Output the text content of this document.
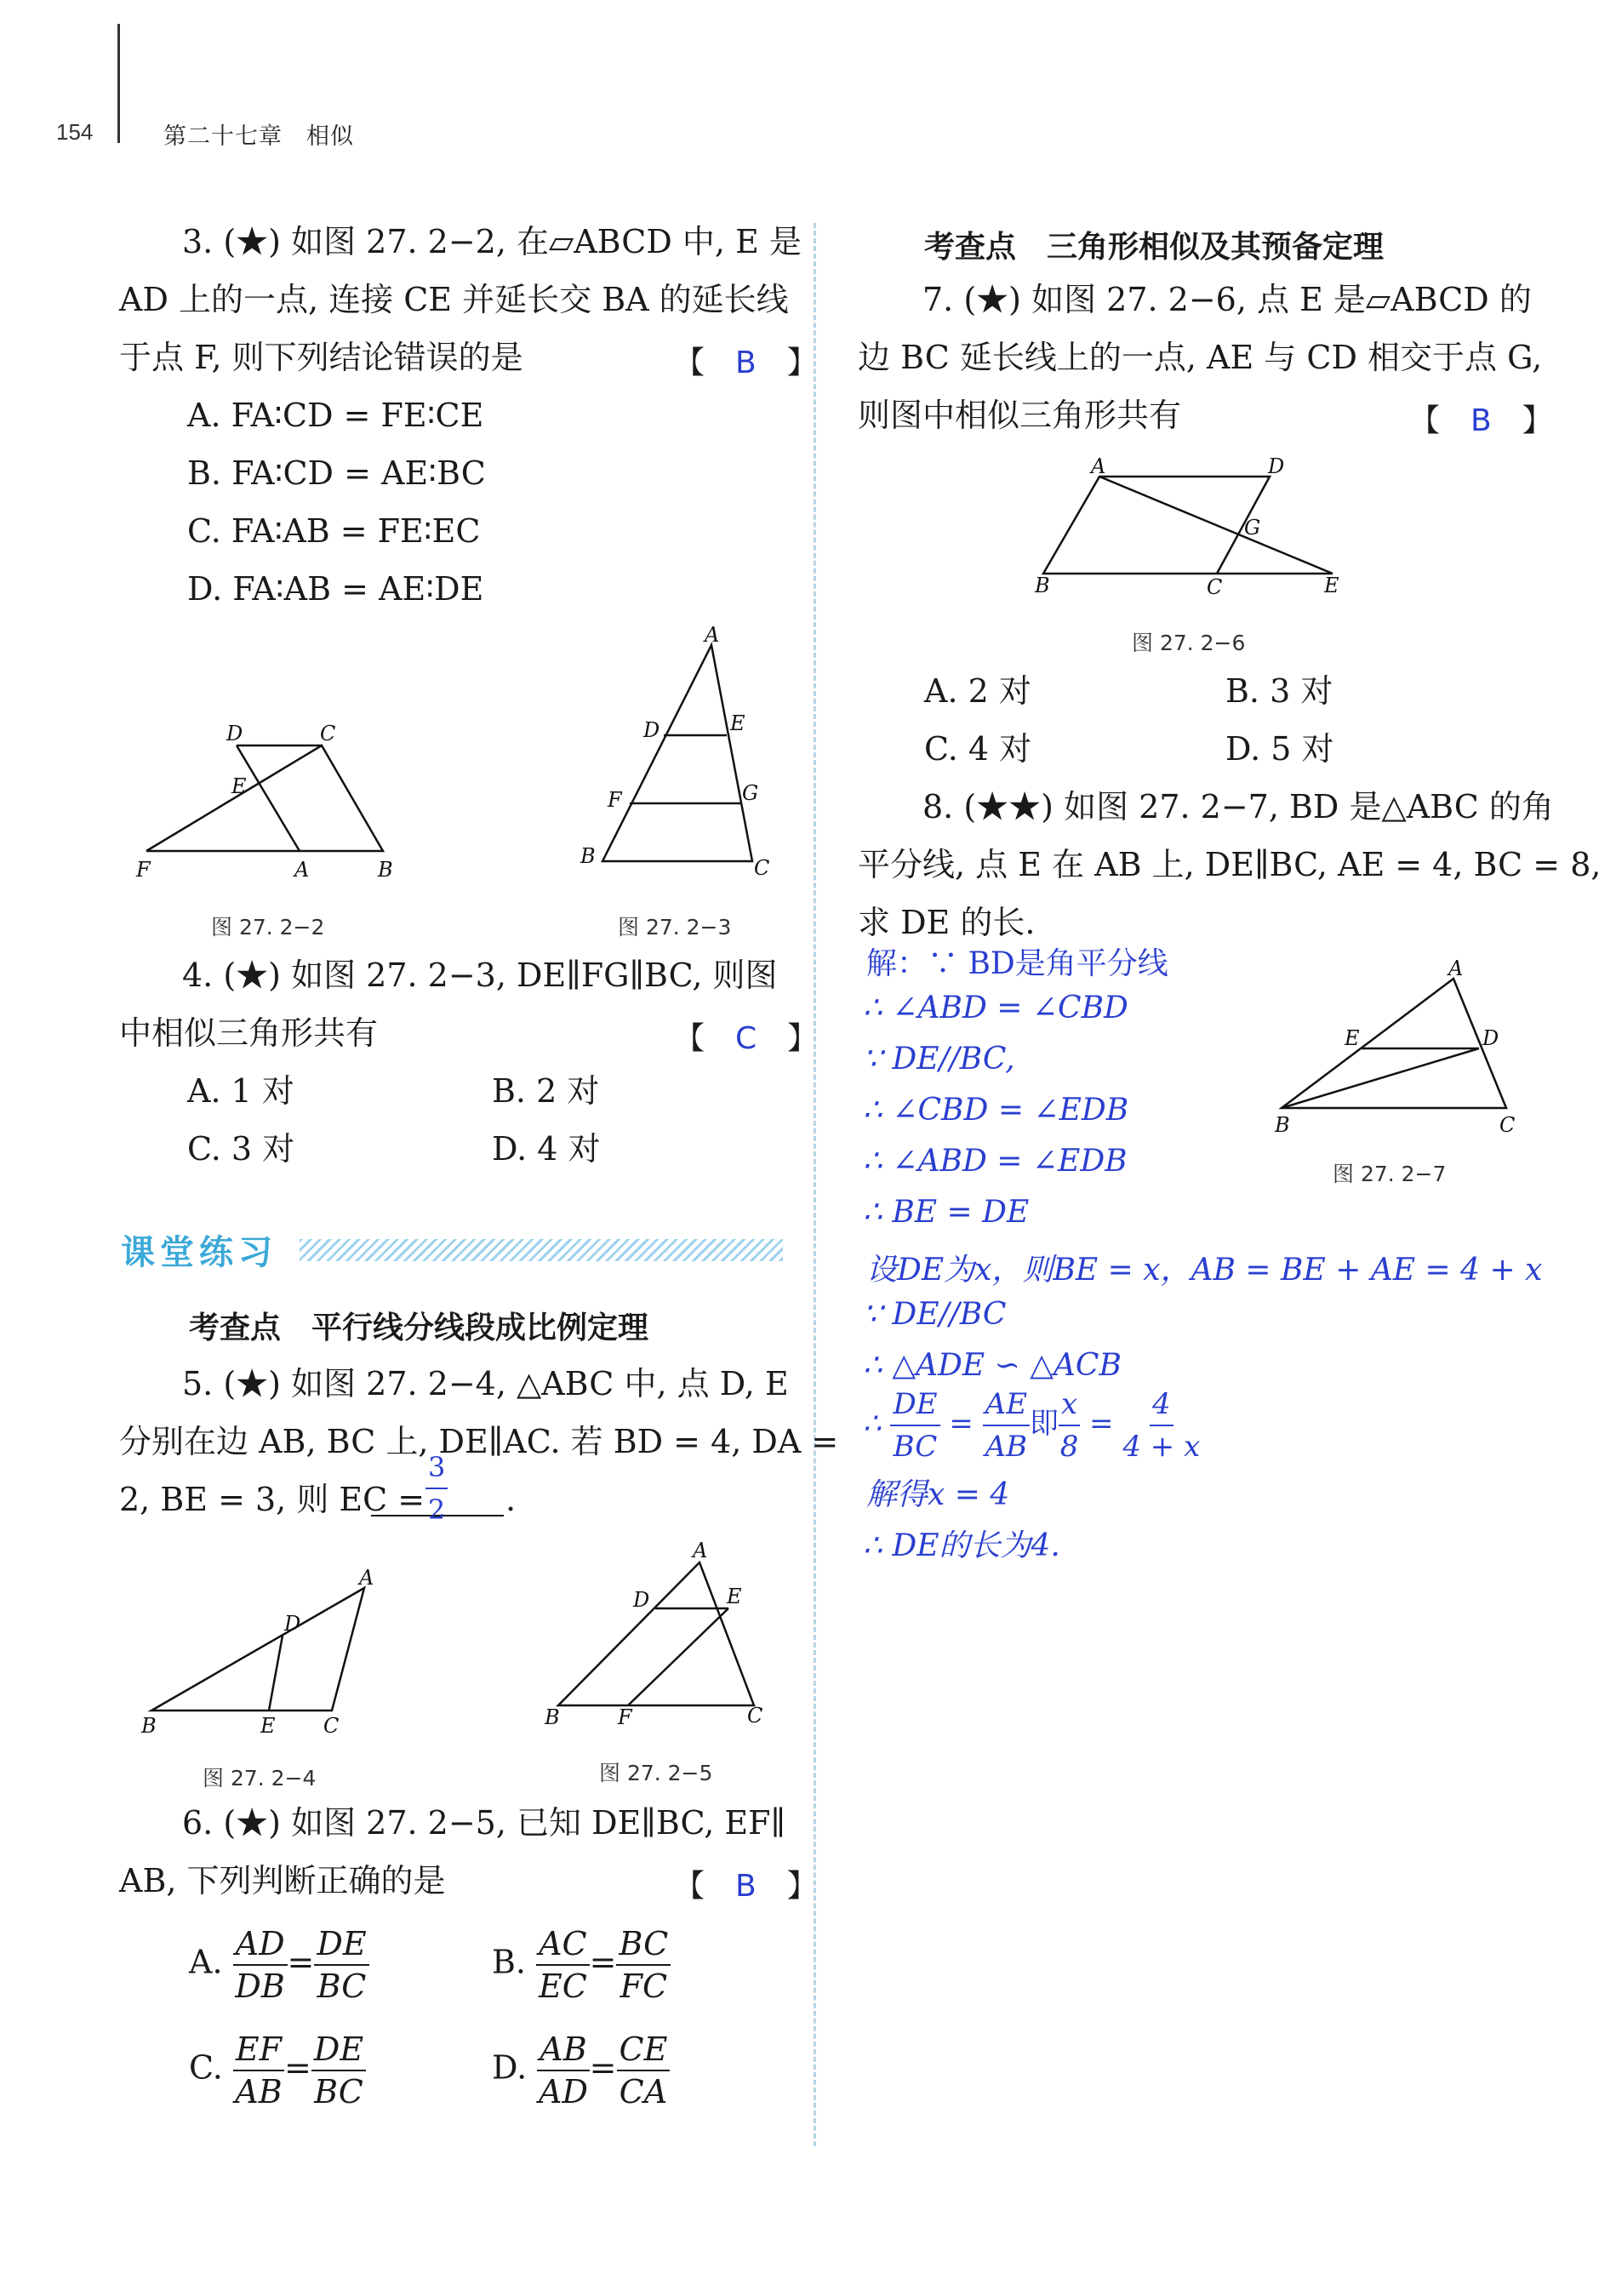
154	第二十七章　相似
3. (★) 如图 27. 2−2, 在▱ABCD 中, E 是
AD 上的一点, 连接 CE 并延长交 BA 的延长线
于点 F, 则下列结论错误的是	【　B　】
A. FA∶CD = FE∶CE
B. FA∶CD = AE∶BC
C. FA∶AB = FE∶EC
D. FA∶AB = AE∶DE
D	C
E
F	A	B
图 27. 2−2
A
D	E
F	G
B	C
图 27. 2−3
4. (★) 如图 27. 2−3, DE∥FG∥BC, 则图
中相似三角形共有	【　C　】
A. 1 对	B. 2 对
C. 3 对	D. 4 对
课堂练习
考查点　平行线分线段成比例定理
5. (★) 如图 27. 2−4, △ABC 中, 点 D, E
分别在边 AB, BC 上, DE∥AC. 若 BD = 4, DA =
2, BE = 3, 则 EC = $\frac{3}{2}$ .
A
D
B	E C
图 27. 2−4
A
D	E
B	F	C
图 27. 2−5
6. (★) 如图 27. 2−5, 已知 DE∥BC, EF∥
AB, 下列判断正确的是	【　B　】
A. $\frac{AD}{DB} = \frac{DE}{BC}$	B. $\frac{AC}{EC} = \frac{BC}{FC}$
C. $\frac{EF}{AB} = \frac{DE}{BC}$	D. $\frac{AB}{AD} = \frac{CE}{CA}$
考查点　三角形相似及其预备定理
7. (★) 如图 27. 2−6, 点 E 是▱ABCD 的
边 BC 延长线上的一点, AE 与 CD 相交于点 G,
则图中相似三角形共有	【　B　】
A	D
G
B	C	E
图 27. 2−6
A. 2 对	B. 3 对
C. 4 对	D. 5 对
8. (★★) 如图 27. 2−7, BD 是△ABC 的角
平分线, 点 E 在 AB 上, DE∥BC, AE = 4, BC = 8,
求 DE 的长.
A
E	D
B	C
图 27. 2−7
解：∵ BD是角平分线
∴ ∠ABD = ∠CBD
∵ DE//BC,
∴ ∠CBD = ∠EDB
∴ ∠ABD = ∠EDB
∴ BE = DE
设DE为x，则BE = x，AB = BE + AE = 4 + x
∵ DE//BC
∴ △ADE ∽ △ACB
∴ $\frac{DE}{BC} = \frac{AE}{AB}$ 即 $\frac{x}{8} = \frac{4}{4 + x}$
解得x = 4
∴ DE的长为4.
